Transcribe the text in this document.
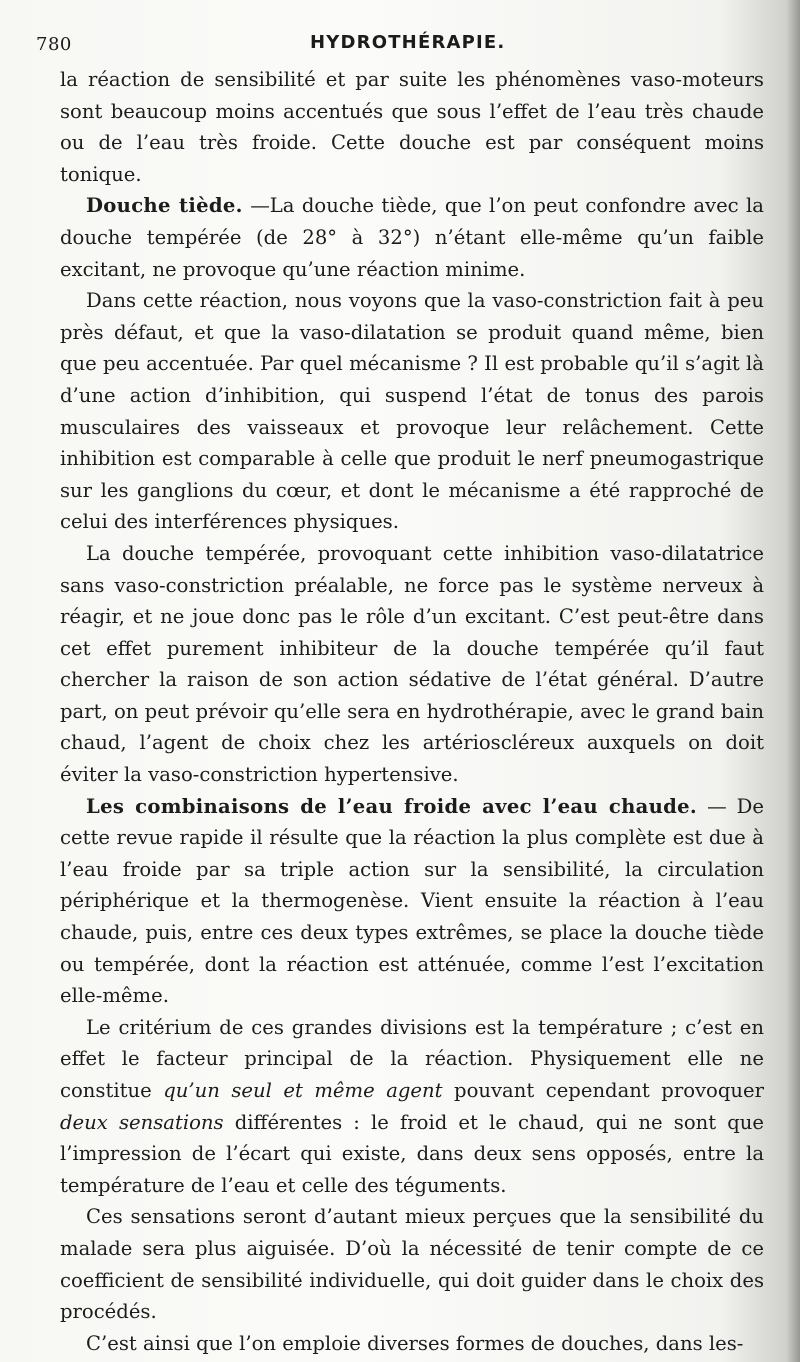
780	HYDROTHÉRAPIE.

la réaction de sensibilité et par suite les phénomènes vaso-moteurs sont beaucoup moins accentués que sous l’effet de l’eau très chaude ou de l’eau très froide. Cette douche est par conséquent moins tonique.

Douche tiède. —La douche tiède, que l’on peut confondre avec la douche tempérée (de 28° à 32°) n’étant elle-même qu’un faible excitant, ne provoque qu’une réaction minime.

Dans cette réaction, nous voyons que la vaso-constriction fait à peu près défaut, et que la vaso-dilatation se produit quand même, bien que peu accentuée. Par quel mécanisme ? Il est probable qu’il s’agit là d’une action d’inhibition, qui suspend l’état de tonus des parois musculaires des vaisseaux et provoque leur relâchement. Cette inhibition est comparable à celle que produit le nerf pneumogastrique sur les ganglions du cœur, et dont le mécanisme a été rapproché de celui des interférences physiques.

La douche tempérée, provoquant cette inhibition vaso-dilatatrice sans vaso-constriction préalable, ne force pas le système nerveux à réagir, et ne joue donc pas le rôle d’un excitant. C’est peut-être dans cet effet purement inhibiteur de la douche tempérée qu’il faut chercher la raison de son action sédative de l’état général. D’autre part, on peut prévoir qu’elle sera en hydrothérapie, avec le grand bain chaud, l’agent de choix chez les artérioscléreux auxquels on doit éviter la vaso-constriction hypertensive.

Les combinaisons de l’eau froide avec l’eau chaude. — De cette revue rapide il résulte que la réaction la plus complète est due à l’eau froide par sa triple action sur la sensibilité, la circulation périphérique et la thermogenèse. Vient ensuite la réaction à l’eau chaude, puis, entre ces deux types extrêmes, se place la douche tiède ou tempérée, dont la réaction est atténuée, comme l’est l’excitation elle-même.

Le critérium de ces grandes divisions est la température ; c’est en effet le facteur principal de la réaction. Physiquement elle ne constitue qu’un seul et même agent pouvant cependant provoquer deux sensations différentes : le froid et le chaud, qui ne sont que l’impression de l’écart qui existe, dans deux sens opposés, entre la température de l’eau et celle des téguments.

Ces sensations seront d’autant mieux perçues que la sensibilité du malade sera plus aiguisée. D’où la nécessité de tenir compte de ce coefficient de sensibilité individuelle, qui doit guider dans le choix des procédés.

C’est ainsi que l’on emploie diverses formes de douches, dans les-
